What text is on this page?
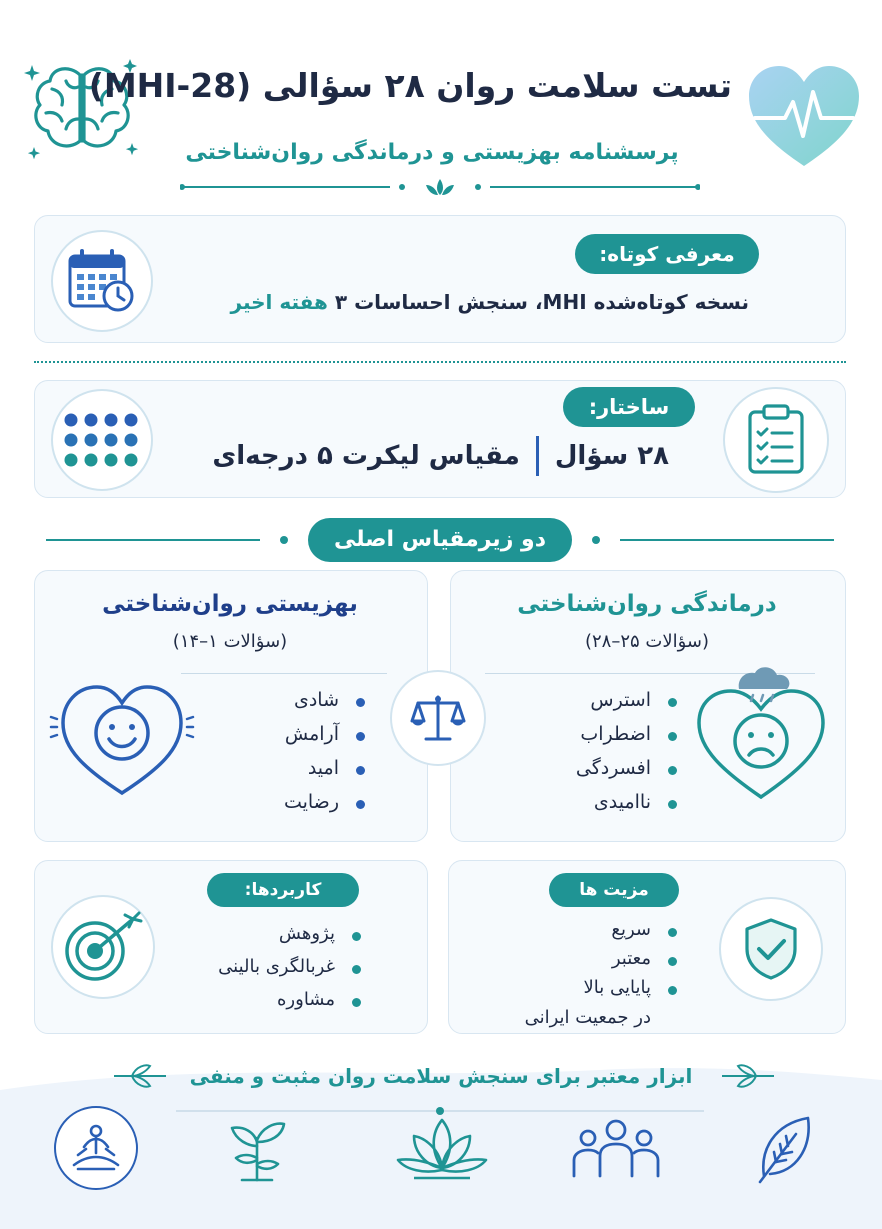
تست سلامت روان ۲۸ سؤالی (MHI-28)
پرسشنامه بهزیستی و درماندگی روان‌شناختی
معرفی کوتاه:

نسخه کوتاه‌شده MHI، سنجش احساسات ۳ هفته اخیر

ساختار:
۲۸ سؤال
مقیاس لیکرت ۵ درجه‌ای
دو زیرمقیاس اصلی
درماندگی روان‌شناختی

(سؤالات ۲۵–۲۸)

استرس
اضطراب
افسردگی
ناامیدی
بهزیستی روان‌شناختی

(سؤالات ۱–۱۴)

شادی
آرامش
امید
رضایت
مزیت ها
سریع
معتبر
پایایی بالا

در جمعیت ایرانی

کاربردها:
پژوهش
غربالگری بالینی
مشاوره

ابزار معتبر برای سنجش سلامت روان مثبت و منفی
